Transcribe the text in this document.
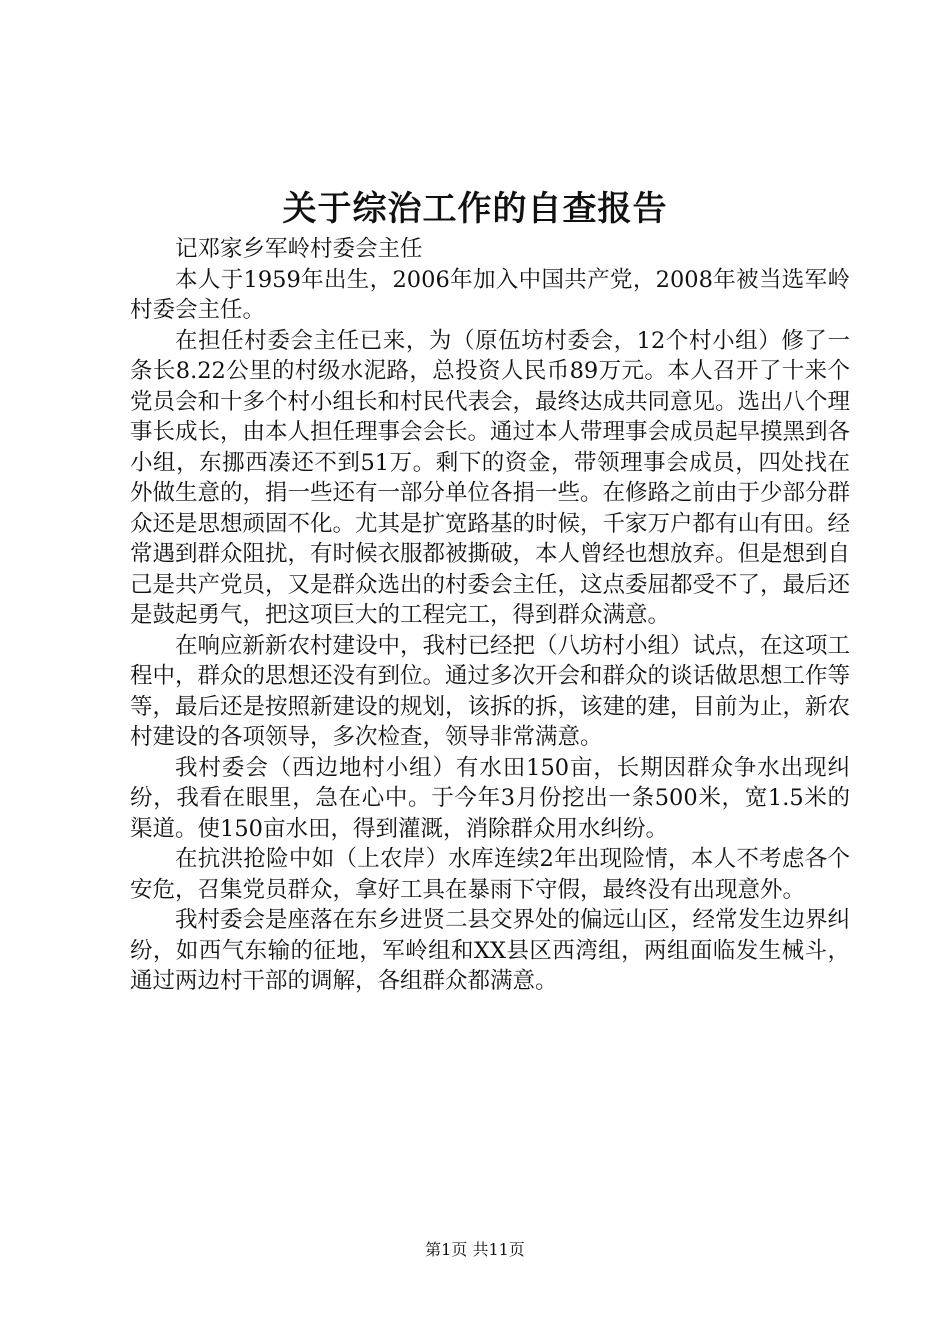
关于综治工作的自查报告

记邓家乡军岭村委会主任

本人于1959年出生，2006年加入中国共产党，2008年被当选军岭村委会主任。

在担任村委会主任已来，为（原伍坊村委会，12个村小组）修了一条长8.22公里的村级水泥路，总投资人民币89万元。本人召开了十来个党员会和十多个村小组长和村民代表会，最终达成共同意见。选出八个理事长成长，由本人担任理事会会长。通过本人带理事会成员起早摸黑到各小组，东挪西凑还不到51万。剩下的资金，带领理事会成员，四处找在外做生意的，捐一些还有一部分单位各捐一些。在修路之前由于少部分群众还是思想顽固不化。尤其是扩宽路基的时候，千家万户都有山有田。经常遇到群众阻扰，有时候衣服都被撕破，本人曾经也想放弃。但是想到自己是共产党员，又是群众选出的村委会主任，这点委屈都受不了，最后还是鼓起勇气，把这项巨大的工程完工，得到群众满意。

在响应新新农村建设中，我村已经把（八坊村小组）试点，在这项工程中，群众的思想还没有到位。通过多次开会和群众的谈话做思想工作等等，最后还是按照新建设的规划，该拆的拆，该建的建，目前为止，新农村建设的各项领导，多次检查，领导非常满意。

我村委会（西边地村小组）有水田150亩，长期因群众争水出现纠纷，我看在眼里，急在心中。于今年3月份挖出一条500米，宽1.5米的渠道。使150亩水田，得到灌溉，消除群众用水纠纷。

在抗洪抢险中如（上农岸）水库连续2年出现险情，本人不考虑各个安危，召集党员群众，拿好工具在暴雨下守假，最终没有出现意外。

我村委会是座落在东乡进贤二县交界处的偏远山区，经常发生边界纠纷，如西气东输的征地，军岭组和XX县区西湾组，两组面临发生械斗，通过两边村干部的调解，各组群众都满意。

第1页 共11页
